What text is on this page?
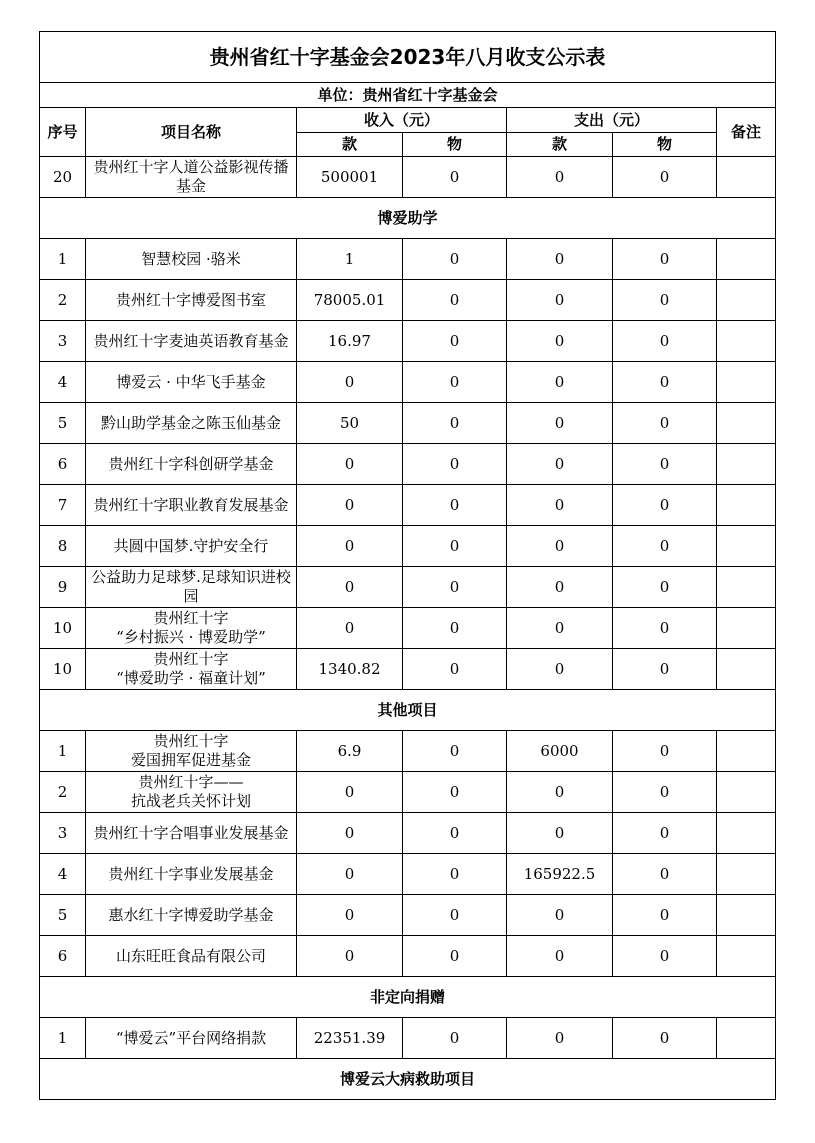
贵州省红十字基金会2023年八月收支公示表						
单位：贵州省红十字基金会						
序号	项目名称	收入（元）		支出（元）		备注
		款	物	款	物	
20	贵州红十字人道公益影视传播基金	500001	0	0	0	
博爱助学						
1	智慧校园 ·骆米	1	0	0	0	
2	贵州红十字博爱图书室	78005.01	0	0	0	
3	贵州红十字麦迪英语教育基金	16.97	0	0	0	
4	博爱云 · 中华飞手基金	0	0	0	0	
5	黔山助学基金之陈玉仙基金	50	0	0	0	
6	贵州红十字科创研学基金	0	0	0	0	
7	贵州红十字职业教育发展基金	0	0	0	0	
8	共圆中国梦.守护安全行	0	0	0	0	
9	公益助力足球梦.足球知识进校园	0	0	0	0	
10	贵州红十字
“乡村振兴 · 博爱助学”	0	0	0	0	
10	贵州红十字
“博爱助学 · 福童计划”	1340.82	0	0	0	
其他项目						
1	贵州红十字
爱国拥军促进基金	6.9	0	6000	0	
2	贵州红十字——
抗战老兵关怀计划	0	0	0	0	
3	贵州红十字合唱事业发展基金	0	0	0	0	
4	贵州红十字事业发展基金	0	0	165922.5	0	
5	惠水红十字博爱助学基金	0	0	0	0	
6	山东旺旺食品有限公司	0	0	0	0	
非定向捐赠						
1	“博爱云”平台网络捐款	22351.39	0	0	0	
博爱云大病救助项目						
